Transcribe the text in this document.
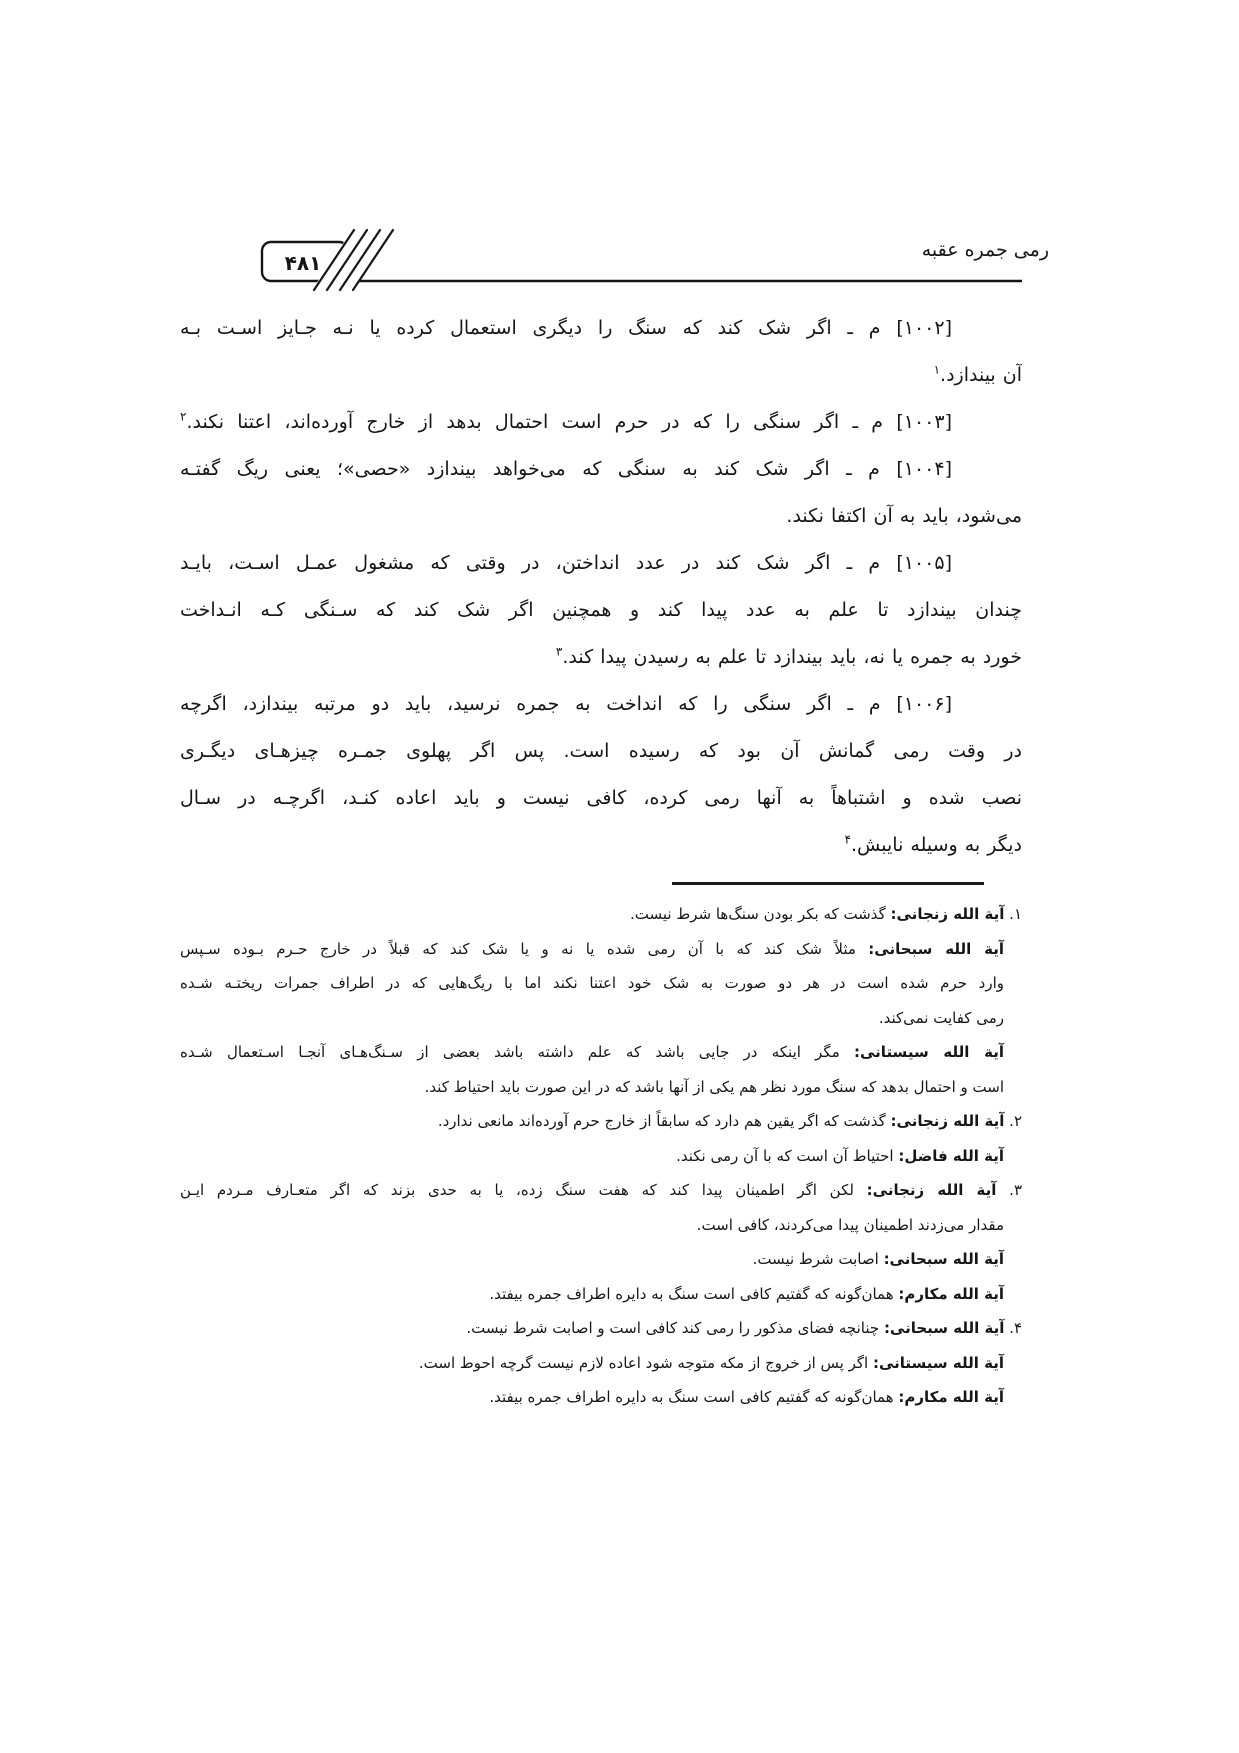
رمی جمره عقبه
۴۸۱
[۱۰۰۲] م ـ اگر شک کند که سنگ را دیگری استعمال کرده یا نـه جـایز اسـت بـه
آن بیندازد.$^۱$
[۱۰۰۳] م ـ اگر سنگی را که در حرم است احتمال بدهد از خارج آورده‌اند، اعتنا نکند.$^۲$
[۱۰۰۴] م ـ اگر شک کند به سنگی که می‌خواهد بیندازد «حصی»؛ یعنی ریگ گفتـه
می‌شود، باید به آن اکتفا نکند.
[۱۰۰۵] م ـ اگر شک کند در عدد انداختن، در وقتی که مشغول عمـل اسـت، بایـد
چندان بیندازد تا علم به عدد پیدا کند و همچنین اگر شک کند که سـنگی کـه انـداخت
خورد به جمره یا نه، باید بیندازد تا علم به رسیدن پیدا کند.$^۳$
[۱۰۰۶] م ـ اگر سنگی را که انداخت به جمره نرسید، باید دو مرتبه بیندازد، اگرچه
در وقت رمی گمانش آن بود که رسیده است. پس اگر پهلوی جمـره چیزهـای دیگـری
نصب شده و اشتباهاً به آنها رمی کرده، کافی نیست و باید اعاده کنـد، اگرچـه در سـال
دیگر به وسیله نایبش.$^۴$
۱. آیة الله زنجانی: گذشت که بکر بودن سنگ‌ها شرط نیست.
آیة الله سبحانی: مثلاً شک کند که با آن رمی شده یا نه و یا شک کند که قبلاً در خارج حـرم بـوده سـپس
وارد حرم شده است در هر دو صورت به شک خود اعتنا نکند اما با ریگ‌هایی که در اطراف جمرات ریختـه شـده
رمی کفایت نمی‌کند.
آیة الله سیستانی: مگر اینکه در جایی باشد که علم داشته باشد بعضی از سـنگ‌هـای آنجـا اسـتعمال شـده
است و احتمال بدهد که سنگ مورد نظر هم یکی از آنها باشد که در این صورت باید احتیاط کند.
۲. آیة الله زنجانی: گذشت که اگر یقین هم دارد که سابقاً از خارج حرم آورده‌اند مانعی ندارد.
آیة الله فاضل: احتیاط آن است که با آن رمی نکند.
۳. آیة الله زنجانی: لکن اگر اطمینان پیدا کند که هفت سنگ زده، یا به حدی بزند که اگر متعـارف مـردم ایـن
مقدار می‌زدند اطمینان پیدا می‌کردند، کافی است.
آیة الله سبحانی: اصابت شرط نیست.
آیة الله مکارم: همان‌گونه که گفتیم کافی است سنگ به دایره اطراف جمره بیفتد.
۴. آیة الله سبحانی: چنانچه فضای مذکور را رمی کند کافی است و اصابت شرط نیست.
آیة الله سیستانی: اگر پس از خروج از مکه متوجه شود اعاده لازم نیست گرچه احوط است.
آیة الله مکارم: همان‌گونه که گفتیم کافی است سنگ به دایره اطراف جمره بیفتد.
